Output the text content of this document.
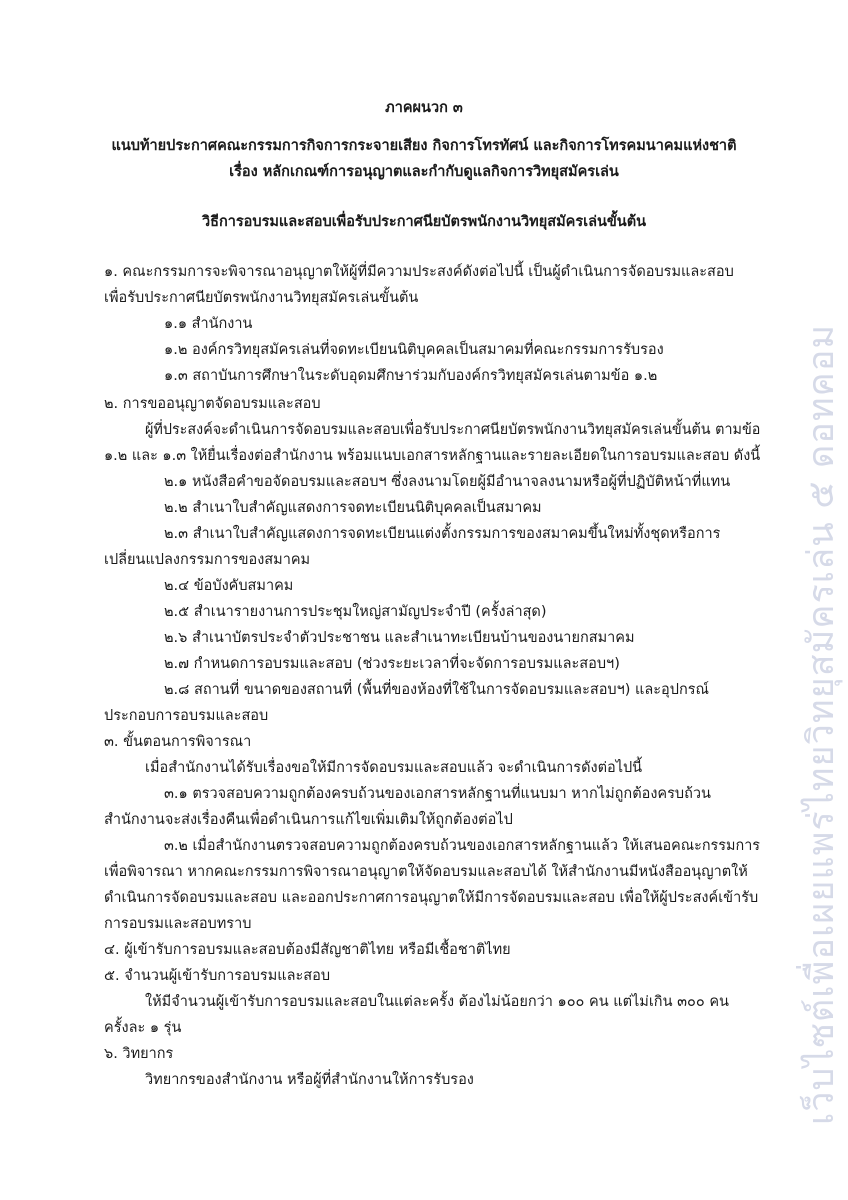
ภาคผนวก ๓
แนบท้ายประกาศคณะกรรมการกิจการกระจายเสียง กิจการโทรทัศน์ และกิจการโทรคมนาคมแห่งชาติ
เรื่อง หลักเกณฑ์การอนุญาตและกำกับดูแลกิจการวิทยุสมัครเล่น
วิธีการอบรมและสอบเพื่อรับประกาศนียบัตรพนักงานวิทยุสมัครเล่นขั้นต้น
๑. คณะกรรมการจะพิจารณาอนุญาตให้ผู้ที่มีความประสงค์ดังต่อไปนี้ เป็นผู้ดำเนินการจัดอบรมและสอบ
เพื่อรับประกาศนียบัตรพนักงานวิทยุสมัครเล่นขั้นต้น
๑.๑ สำนักงาน
๑.๒ องค์กรวิทยุสมัครเล่นที่จดทะเบียนนิติบุคคลเป็นสมาคมที่คณะกรรมการรับรอง
๑.๓ สถาบันการศึกษาในระดับอุดมศึกษาร่วมกับองค์กรวิทยุสมัครเล่นตามข้อ ๑.๒
๒. การขออนุญาตจัดอบรมและสอบ
ผู้ที่ประสงค์จะดำเนินการจัดอบรมและสอบเพื่อรับประกาศนียบัตรพนักงานวิทยุสมัครเล่นขั้นต้น ตามข้อ
๑.๒ และ ๑.๓ ให้ยื่นเรื่องต่อสำนักงาน พร้อมแนบเอกสารหลักฐานและรายละเอียดในการอบรมและสอบ ดังนี้
๒.๑ หนังสือคำขอจัดอบรมและสอบฯ ซึ่งลงนามโดยผู้มีอำนาจลงนามหรือผู้ที่ปฏิบัติหน้าที่แทน
๒.๒ สำเนาใบสำคัญแสดงการจดทะเบียนนิติบุคคลเป็นสมาคม
๒.๓ สำเนาใบสำคัญแสดงการจดทะเบียนแต่งตั้งกรรมการของสมาคมขึ้นใหม่ทั้งชุดหรือการ
เปลี่ยนแปลงกรรมการของสมาคม
๒.๔ ข้อบังคับสมาคม
๒.๕ สำเนารายงานการประชุมใหญ่สามัญประจำปี (ครั้งล่าสุด)
๒.๖ สำเนาบัตรประจำตัวประชาชน และสำเนาทะเบียนบ้านของนายกสมาคม
๒.๗ กำหนดการอบรมและสอบ (ช่วงระยะเวลาที่จะจัดการอบรมและสอบฯ)
๒.๘ สถานที่ ขนาดของสถานที่ (พื้นที่ของห้องที่ใช้ในการจัดอบรมและสอบฯ) และอุปกรณ์
ประกอบการอบรมและสอบ
๓. ขั้นตอนการพิจารณา
เมื่อสำนักงานได้รับเรื่องขอให้มีการจัดอบรมและสอบแล้ว จะดำเนินการดังต่อไปนี้
๓.๑ ตรวจสอบความถูกต้องครบถ้วนของเอกสารหลักฐานที่แนบมา หากไม่ถูกต้องครบถ้วน
สำนักงานจะส่งเรื่องคืนเพื่อดำเนินการแก้ไขเพิ่มเติมให้ถูกต้องต่อไป
๓.๒ เมื่อสำนักงานตรวจสอบความถูกต้องครบถ้วนของเอกสารหลักฐานแล้ว ให้เสนอคณะกรรมการ
เพื่อพิจารณา หากคณะกรรมการพิจารณาอนุญาตให้จัดอบรมและสอบได้ ให้สำนักงานมีหนังสืออนุญาตให้
ดำเนินการจัดอบรมและสอบ และออกประกาศการอนุญาตให้มีการจัดอบรมและสอบ เพื่อให้ผู้ประสงค์เข้ารับ
การอบรมและสอบทราบ
๔. ผู้เข้ารับการอบรมและสอบต้องมีสัญชาติไทย หรือมีเชื้อชาติไทย
๕. จำนวนผู้เข้ารับการอบรมและสอบ
ให้มีจำนวนผู้เข้ารับการอบรมและสอบในแต่ละครั้ง ต้องไม่น้อยกว่า ๑๐๐ คน แต่ไม่เกิน ๓๐๐ คน
ครั้งละ ๑ รุ่น
๖. วิทยากร
วิทยากรของสำนักงาน หรือผู้ที่สำนักงานให้การรับรอง	เว็บไซต์เพื่อเผยแพร่ไทยวิทยุสมัครเล่น ๕ ดอทคอม
